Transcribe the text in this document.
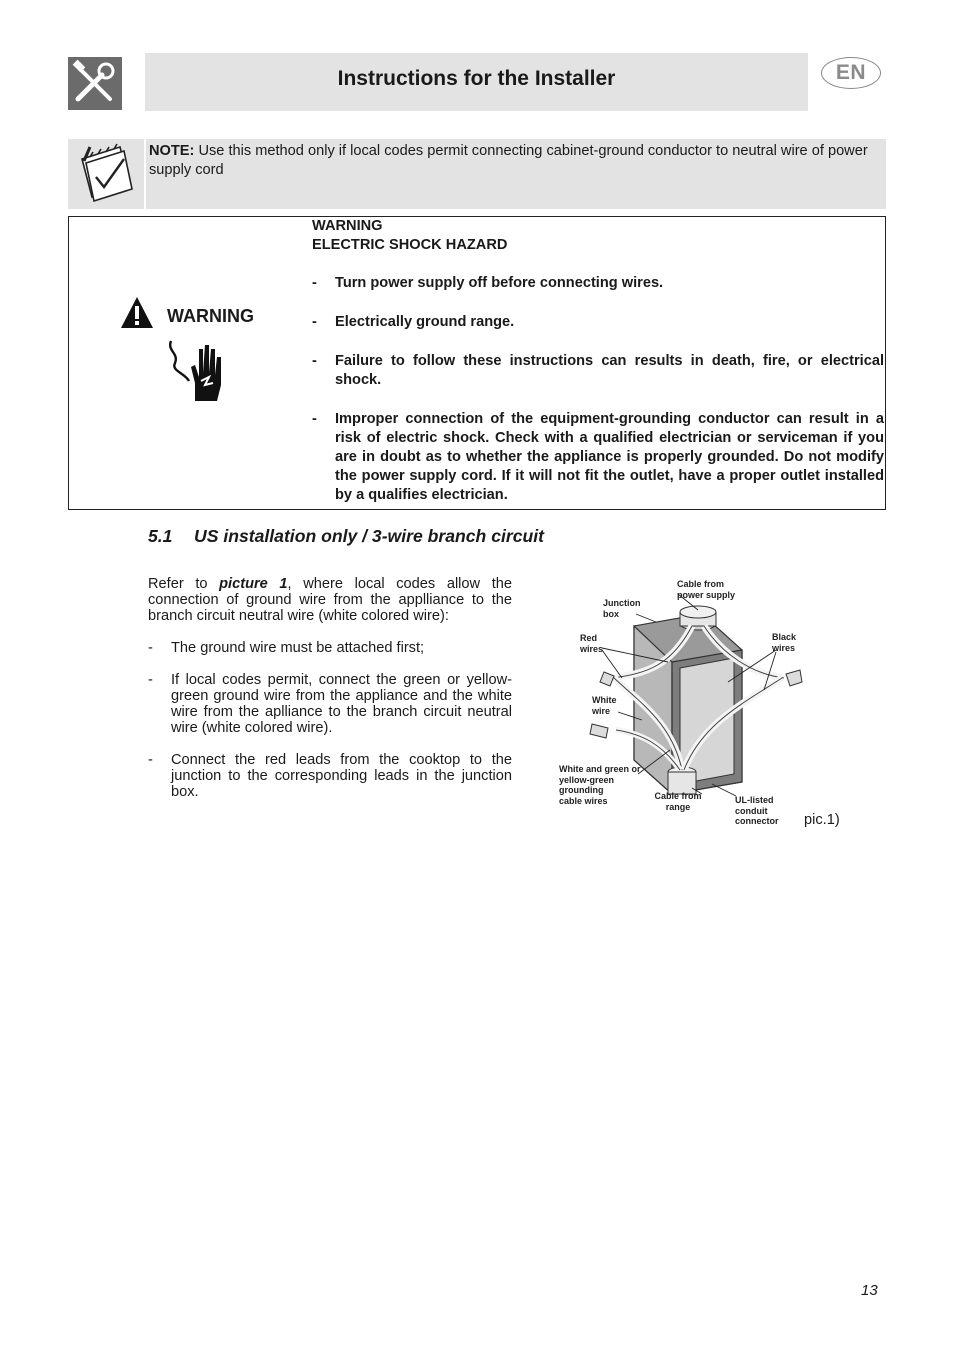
Instructions for the Installer	EN
NOTE: Use this method only if local codes permit connecting cabinet-ground conductor to neutral wire of power supply cord
WARNING
WARNING
ELECTRIC SHOCK HAZARD
-	Turn power supply off before connecting wires.
-	Electrically ground range.
-	Failure to follow these instructions can results in death, fire, or electrical shock.
-	Improper connection of the equipment-grounding conductor can result in a risk of electric shock. Check with a qualified electrician or serviceman if you are in doubt as to whether the appliance is properly grounded. Do not modify the power supply cord. If it will not fit the outlet, have a proper outlet installed by a qualifies electrician.
5.1 US installation only / 3-wire branch circuit

Refer to picture 1, where local codes allow the connection of ground wire from the applliance to the branch circuit neutral wire (white colored wire):

-	The ground wire must be attached first;
-	If local codes permit, connect the green or yellow-green ground wire from the appliance and the white wire from the aplliance to the branch circuit neutral wire (white colored wire).
-	Connect the red leads from the cooktop to the junction to the corresponding leads in the junction box.
Cable from
power supply
Junction
box
Red
wires
Black
wires
White
wire
White and green or
yellow-green
grounding
cable wires	Cable from
range
UL-listed
conduit
connector pic.1)
13
